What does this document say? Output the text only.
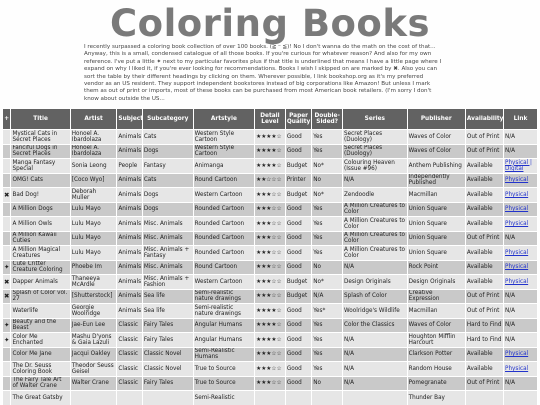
Coloring Books
I recently surpassed a coloring book collection of over 100 books. (≧ ᵕ ≦)! No I don't wanna do the math on the cost of that...
Anyway, this is a small, condensed catalogue of all those books. If you're curious for whatever reason? And also for my own
reference. I've put a little ✦ next to my particular favorites plus if that title is underlined that means I have a little page where I
expand on why I liked it, if you're ever looking for recommendations. Books I wish I skipped on are marked by ✖. Also you can
sort the table by their different headings by clicking on them. Wherever possible, I link bookshop.org as it's my preferred
vendor as an US resident. They support independent bookstores instead of big corporations like Amazon! But unless I mark
them as out of print or imports, most of these books can be purchased from most American book retailers. (I'm sorry I don't
know about outside the US...
+	Title	Artist	Subject	Subcategory	Artstyle	Detail Level	Paper Quality	Double-Sided?	Series	Publisher	Availability	Link
	Mystical Cats in Secret Places	Honoel A. Ibardolaza	Animals	Cats	Western Style Cartoon	★★★★☆	Good	Yes	Secret Places (Duology)	Waves of Color	Out of Print	N/A
	Fanciful Dogs in Secret Places	Honoel A. Ibardolaza	Animals	Dogs	Western Style Cartoon	★★★★☆	Good	Yes	Secret Places (Duology)	Waves of Color	Out of Print	N/A
	Manga Fantasy Special	Sonia Leong	People	Fantasy	Animanga	★★★★☆	Budget	No*	Colouring Heaven (Issue #96)	Anthem Publishing	Available	Physical | Digital
	OMG! Cats	[Coco Wyo]	Animals	Cats	Round Cartoon	★★☆☆☆	Printer	No	N/A	Independently Published	Available	Physical
✖	Bad Dog!	Deborah Muller	Animals	Dogs	Western Cartoon	★★★☆☆	Budget	No*	Zendoodle	Macmillan	Available	Physical
	A Million Dogs	Lulu Mayo	Animals	Dogs	Rounded Cartoon	★★★☆☆	Good	Yes	A Million Creatures to Color	Union Square	Available	Physical
	A Million Owls	Lulu Mayo	Animals	Misc. Animals	Rounded Cartoon	★★★☆☆	Good	Yes	A Million Creatures to Color	Union Square	Available	Physical
	A Million Kawaii Cuties	Lulu Mayo	Animals	Misc. Animals	Rounded Cartoon	★★★☆☆	Good	Yes	A Million Creatures to Color	Union Square	Out of Print	N/A
	A Million Magical Creatures	Lulu Mayo	Animals	Misc. Animals + Fantasy	Rounded Cartoon	★★★☆☆	Good	Yes	A Million Creatures to Color	Union Square	Available	Physical
✦	Cute Critter Creature Coloring	Phoebe Im	Animals	Misc. Animals	Round Cartoon	★★★☆☆	Good	No	N/A	Rock Point	Available	Physical
✖	Dapper Animals	Thaneeya McArdle	Animals	Misc. Animals + Fashion	Western Cartoon	★★★☆☆	Budget	No*	Design Originals	Design Originals	Available	Physical
✖	Splash of Color vol. 27	[Shutterstock]	Animals	Sea life	Semi-realistic nature drawings	★★★☆☆	Budget	N/A	Splash of Color	Creative Expression	Out of Print	N/A
	Waterlife	Georgie Woolridge	Animals	Sea life	Semi-realistic nature drawings	★★★★☆	Good	Yes*	Woolridge's Wildlife	Macmillan	Out of Print	N/A
✦	Beauty and the Beast	Jae-Eun Lee	Classic	Fairy Tales	Angular Humans	★★★★☆	Good	Yes	Color the Classics	Waves of Color	Hard to Find	N/A
✦	Color Me Enchanted	Mashu D'yons & Gaia Lazuli	Classic	Fairy Tales	Angular Humans	★★★★☆	Good	Yes	N/A	Houghton Mifflin Harcourt	Hard to Find	N/A
	Color Me Jane	Jacqui Oakley	Classic	Classic Novel	Semi-Realistic Humans	★★★☆☆	Good	Yes	N/A	Clarkson Potter	Available	Physical
	The Dr. Seuss Coloring Book	Theodor Seuss Geisel	Classic	Classic Novel	True to Source	★★★☆☆	Good	Yes	N/A	Random House	Available	Physical
	The Fairy Tale Art of Walter Crane	Walter Crane	Classic	Fairy Tales	True to Source	★★★☆☆	Good	No	N/A	Pomegranate	Out of Print	N/A
	The Great Gatsby				Semi-Realistic					Thunder Bay		
